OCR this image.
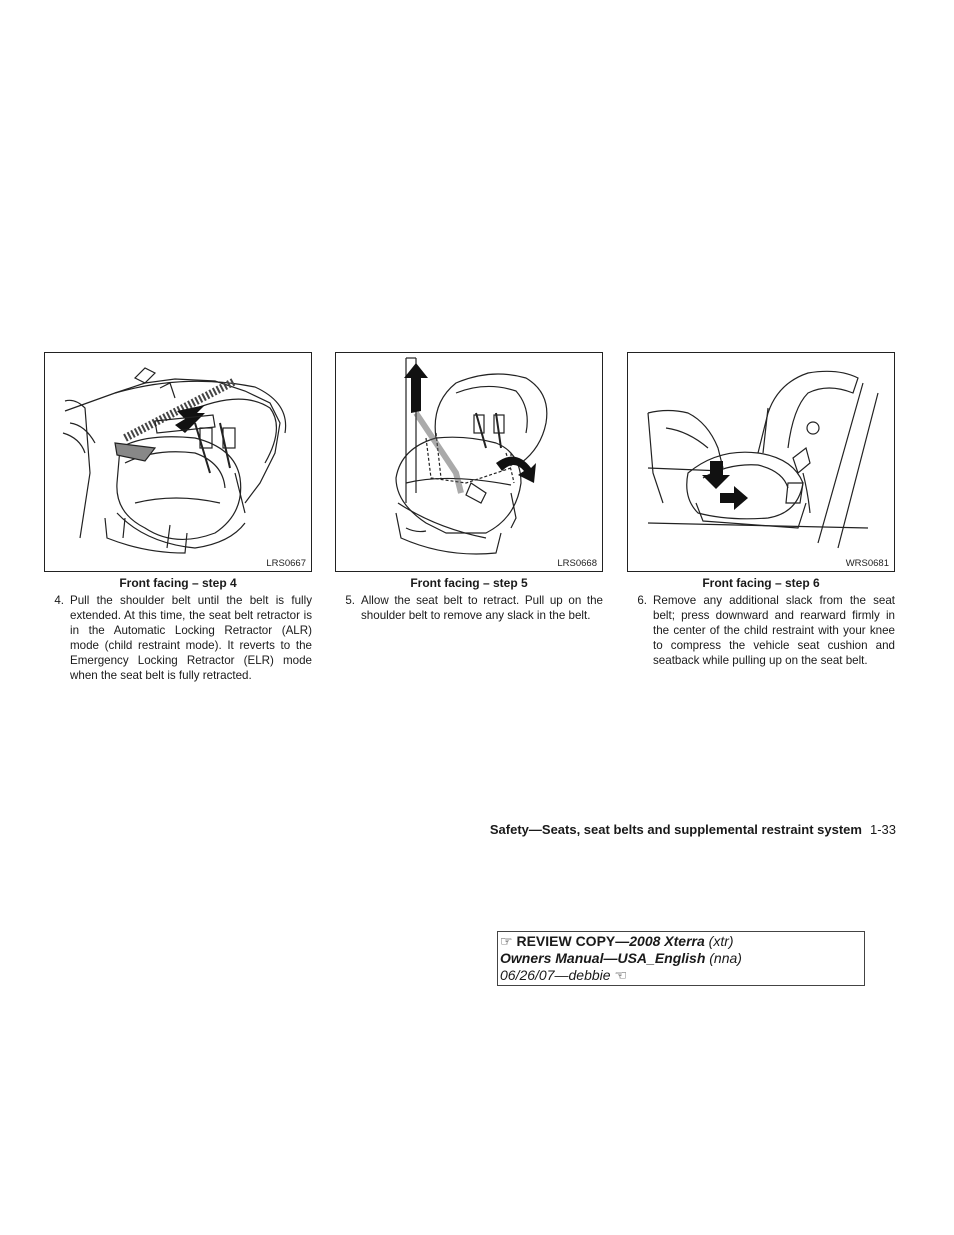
LRS0667	LRS0668	WRS0681
Front facing – step 4	Front facing – step 5	Front facing – step 6
4. Pull the shoulder belt until the belt is fully extended. At this time, the seat belt retractor is in the Automatic Locking Retractor (ALR) mode (child restraint mode). It reverts to the Emergency Locking Retractor (ELR) mode when the seat belt is fully retracted.
5. Allow the seat belt to retract. Pull up on the shoulder belt to remove any slack in the belt.
6. Remove any additional slack from the seat belt; press downward and rearward firmly in the center of the child restraint with your knee to compress the vehicle seat cushion and seatback while pulling up on the seat belt.
Safety—Seats, seat belts and supplemental restraint system 1-33
☞ REVIEW COPY—2008 Xterra (xtr)
Owners Manual—USA_English (nna)
06/26/07—debbie ☜
